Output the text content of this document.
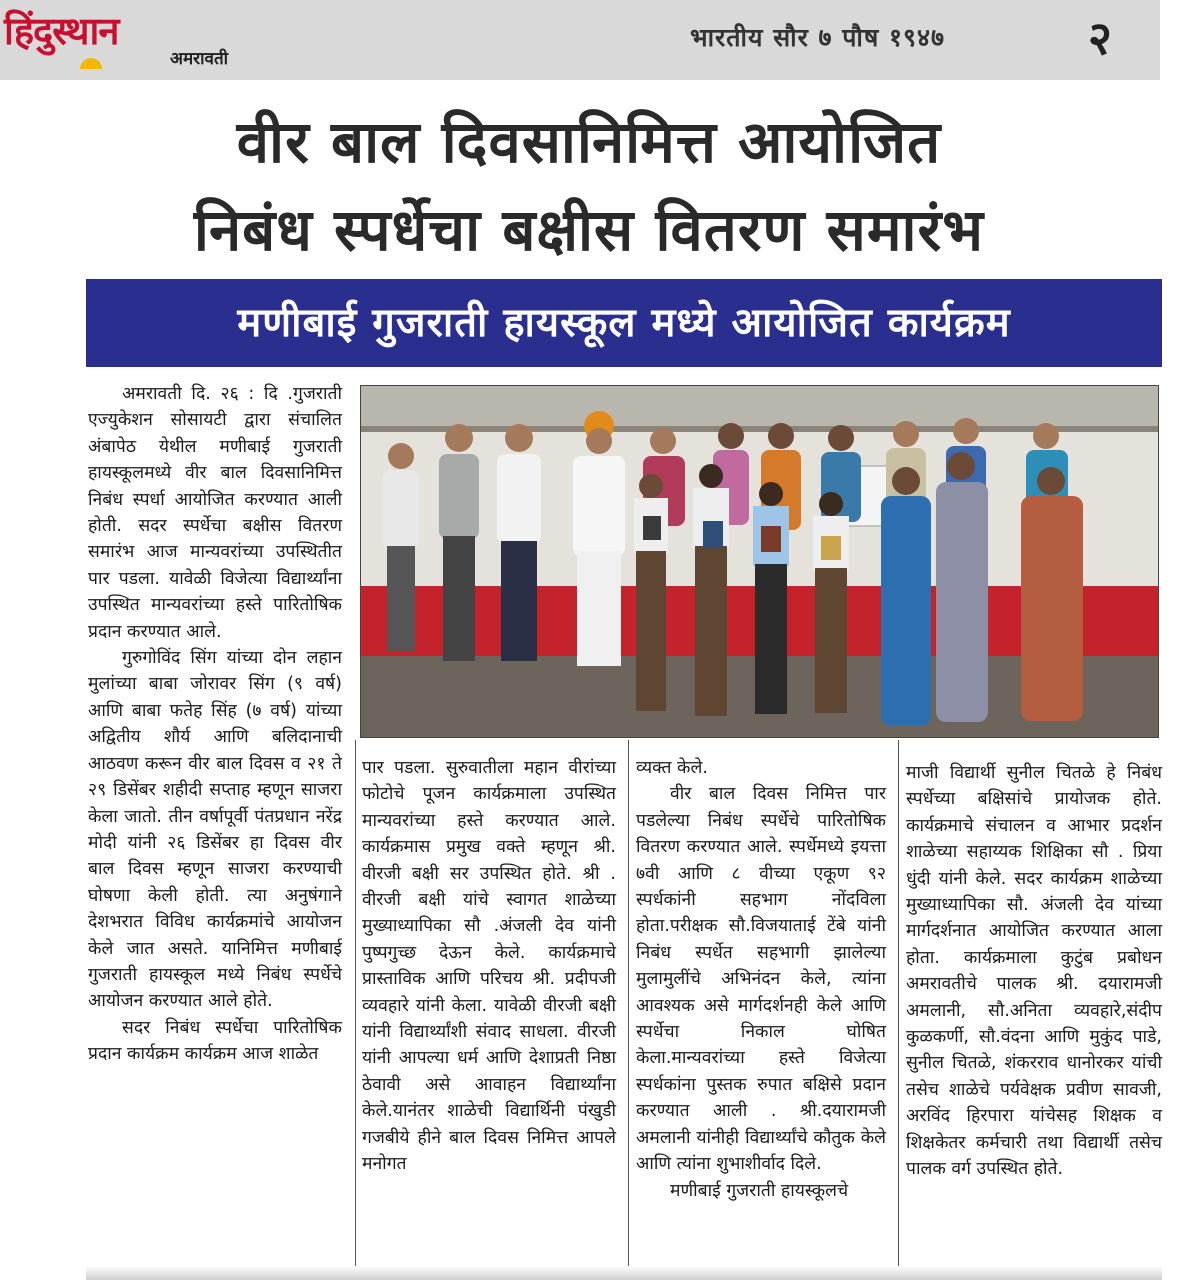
हिंदुस्थान
अमरावती
भारतीय सौर ७ पौष १९४७	२
वीर बाल दिवसानिमित्त आयोजित
निबंध स्पर्धेचा बक्षीस वितरण समारंभ
मणीबाई गुजराती हायस्कूल मध्ये आयोजित कार्यक्रम

अमरावती दि. २६ : दि .गुजराती एज्युकेशन सोसायटी द्वारा संचालित अंबापेठ येथील मणीबाई गुजराती हायस्कूलमध्ये वीर बाल दिवसानिमित्त निबंध स्पर्धा आयोजित करण्यात आली होती. सदर स्पर्धेचा बक्षीस वितरण समारंभ आज मान्यवरांच्या उपस्थितीत पार पडला. यावेळी विजेत्या विद्यार्थ्यांना उपस्थित मान्यवरांच्या हस्ते पारितोषिक प्रदान करण्यात आले.

गुरुगोविंद सिंग यांच्या दोन लहान मुलांच्या बाबा जोरावर सिंग (९ वर्ष) आणि बाबा फतेह सिंह (७ वर्ष) यांच्या अद्वितीय शौर्य आणि बलिदानाची आठवण करून वीर बाल दिवस व २१ ते २९ डिसेंबर शहीदी सप्ताह म्हणून साजरा केला जातो. तीन वर्षापूर्वी पंतप्रधान नरेंद्र मोदी यांनी २६ डिसेंबर हा दिवस वीर बाल दिवस म्हणून साजरा करण्याची घोषणा केली होती. त्या अनुषंगाने देशभरात विविध कार्यक्रमांचे आयोजन केले जात असते. यानिमित्त मणीबाई गुजराती हायस्कूल मध्ये निबंध स्पर्धेचे आयोजन करण्यात आले होते.

सदर निबंध स्पर्धेचा पारितोषिक प्रदान कार्यक्रम कार्यक्रम आज शाळेत

पार पडला. सुरुवातीला महान वीरांच्या फोटोचे पूजन कार्यक्रमाला उपस्थित मान्यवरांच्या हस्ते करण्यात आले. कार्यक्रमास प्रमुख वक्ते म्हणून श्री. वीरजी बक्षी सर उपस्थित होते. श्री . वीरजी बक्षी यांचे स्वागत शाळेच्या मुख्याध्यापिका सौ .अंजली देव यांनी पुष्पगुच्छ देऊन केले. कार्यक्रमाचे प्रास्ताविक आणि परिचय श्री. प्रदीपजी व्यवहारे यांनी केला. यावेळी वीरजी बक्षी यांनी विद्यार्थ्यांशी संवाद साधला. वीरजी यांनी आपल्या धर्म आणि देशाप्रती निष्ठा ठेवावी असे आवाहन विद्यार्थ्यांना केले.यानंतर शाळेची विद्यार्थिनी पंखुडी गजबीये हीने बाल दिवस निमित्त आपले मनोगत

व्यक्त केले.

वीर बाल दिवस निमित्त पार पडलेल्या निबंध स्पर्धेचे पारितोषिक वितरण करण्यात आले. स्पर्धेमध्ये इयत्ता ७वी आणि ८ वीच्या एकूण ९२ स्पर्धकांनी सहभाग नोंदविला होता.परीक्षक सौ.विजयाताई टेंबे यांनी निबंध स्पर्धेत सहभागी झालेल्या मुलामुलींचे अभिनंदन केले, त्यांना आवश्यक असे मार्गदर्शनही केले आणि स्पर्धेचा निकाल घोषित केला.मान्यवरांच्या हस्ते विजेत्या स्पर्धकांना पुस्तक रुपात बक्षिसे प्रदान करण्यात आली . श्री.दयारामजी अमलानी यांनीही विद्यार्थ्यांचे कौतुक केले आणि त्यांना शुभाशीर्वाद दिले.

मणीबाई गुजराती हायस्कूलचे

माजी विद्यार्थी सुनील चितळे हे निबंध स्पर्धेच्या बक्षिसांचे प्रायोजक होते. कार्यक्रमाचे संचालन व आभार प्रदर्शन शाळेच्या सहाय्यक शिक्षिका सौ . प्रिया धुंदी यांनी केले. सदर कार्यक्रम शाळेच्या मुख्याध्यापिका सौ. अंजली देव यांच्या मार्गदर्शनात आयोजित करण्यात आला होता. कार्यक्रमाला कुटुंब प्रबोधन अमरावतीचे पालक श्री. दयारामजी अमलानी, सौ.अनिता व्यवहारे,संदीप कुळकर्णी, सौ.वंदना आणि मुकुंद पाडे, सुनील चितळे, शंकरराव धानोरकर यांची तसेच शाळेचे पर्यवेक्षक प्रवीण सावजी, अरविंद हिरपारा यांचेसह शिक्षक व शिक्षकेतर कर्मचारी तथा विद्यार्थी तसेच पालक वर्ग उपस्थित होते.
